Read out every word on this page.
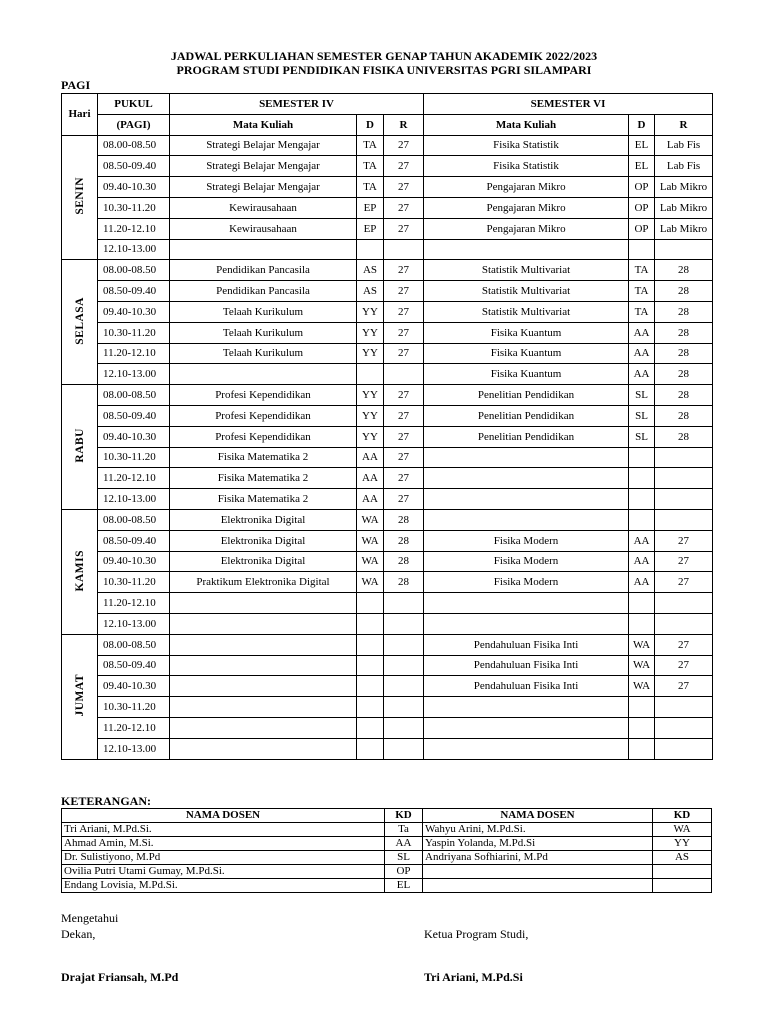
JADWAL PERKULIAHAN SEMESTER GENAP TAHUN AKADEMIK 2022/2023
PROGRAM STUDI PENDIDIKAN FISIKA UNIVERSITAS PGRI SILAMPARI
PAGI
Hari	PUKUL	SEMESTER IV			SEMESTER VI		
	(PAGI)	Mata Kuliah	D	R	Mata Kuliah	D	R
SENIN	08.00-08.50	Strategi Belajar Mengajar	TA	27	Fisika Statistik	EL	Lab Fis
	08.50-09.40	Strategi Belajar Mengajar	TA	27	Fisika Statistik	EL	Lab Fis
	09.40-10.30	Strategi Belajar Mengajar	TA	27	Pengajaran Mikro	OP	Lab Mikro
	10.30-11.20	Kewirausahaan	EP	27	Pengajaran Mikro	OP	Lab Mikro
	11.20-12.10	Kewirausahaan	EP	27	Pengajaran Mikro	OP	Lab Mikro
	12.10-13.00						
SELASA	08.00-08.50	Pendidikan Pancasila	AS	27	Statistik Multivariat	TA	28
	08.50-09.40	Pendidikan Pancasila	AS	27	Statistik Multivariat	TA	28
	09.40-10.30	Telaah Kurikulum	YY	27	Statistik Multivariat	TA	28
	10.30-11.20	Telaah Kurikulum	YY	27	Fisika Kuantum	AA	28
	11.20-12.10	Telaah Kurikulum	YY	27	Fisika Kuantum	AA	28
	12.10-13.00				Fisika Kuantum	AA	28
RABU	08.00-08.50	Profesi Kependidikan	YY	27	Penelitian Pendidikan	SL	28
	08.50-09.40	Profesi Kependidikan	YY	27	Penelitian Pendidikan	SL	28
	09.40-10.30	Profesi Kependidikan	YY	27	Penelitian Pendidikan	SL	28
	10.30-11.20	Fisika Matematika 2	AA	27			
	11.20-12.10	Fisika Matematika 2	AA	27			
	12.10-13.00	Fisika Matematika 2	AA	27			
KAMIS	08.00-08.50	Elektronika Digital	WA	28			
	08.50-09.40	Elektronika Digital	WA	28	Fisika Modern	AA	27
	09.40-10.30	Elektronika Digital	WA	28	Fisika Modern	AA	27
	10.30-11.20	Praktikum Elektronika Digital	WA	28	Fisika Modern	AA	27
	11.20-12.10						
	12.10-13.00						
JUMAT	08.00-08.50				Pendahuluan Fisika Inti	WA	27
	08.50-09.40				Pendahuluan Fisika Inti	WA	27
	09.40-10.30				Pendahuluan Fisika Inti	WA	27
	10.30-11.20						
	11.20-12.10						
	12.10-13.00						
KETERANGAN:
NAMA DOSEN	KD	NAMA DOSEN	KD
Tri Ariani, M.Pd.Si.	Ta	Wahyu Arini, M.Pd.Si.	WA
Ahmad Amin, M.Si.	AA	Yaspin Yolanda, M.Pd.Si	YY
Dr. Sulistiyono, M.Pd	SL	Andriyana Sofhiarini, M.Pd	AS
Ovilia Putri Utami Gumay, M.Pd.Si.	OP		
Endang Lovisia, M.Pd.Si.	EL		
Mengetahui
Dekan,	Ketua Program Studi,
Drajat Friansah, M.Pd	Tri Ariani, M.Pd.Si
